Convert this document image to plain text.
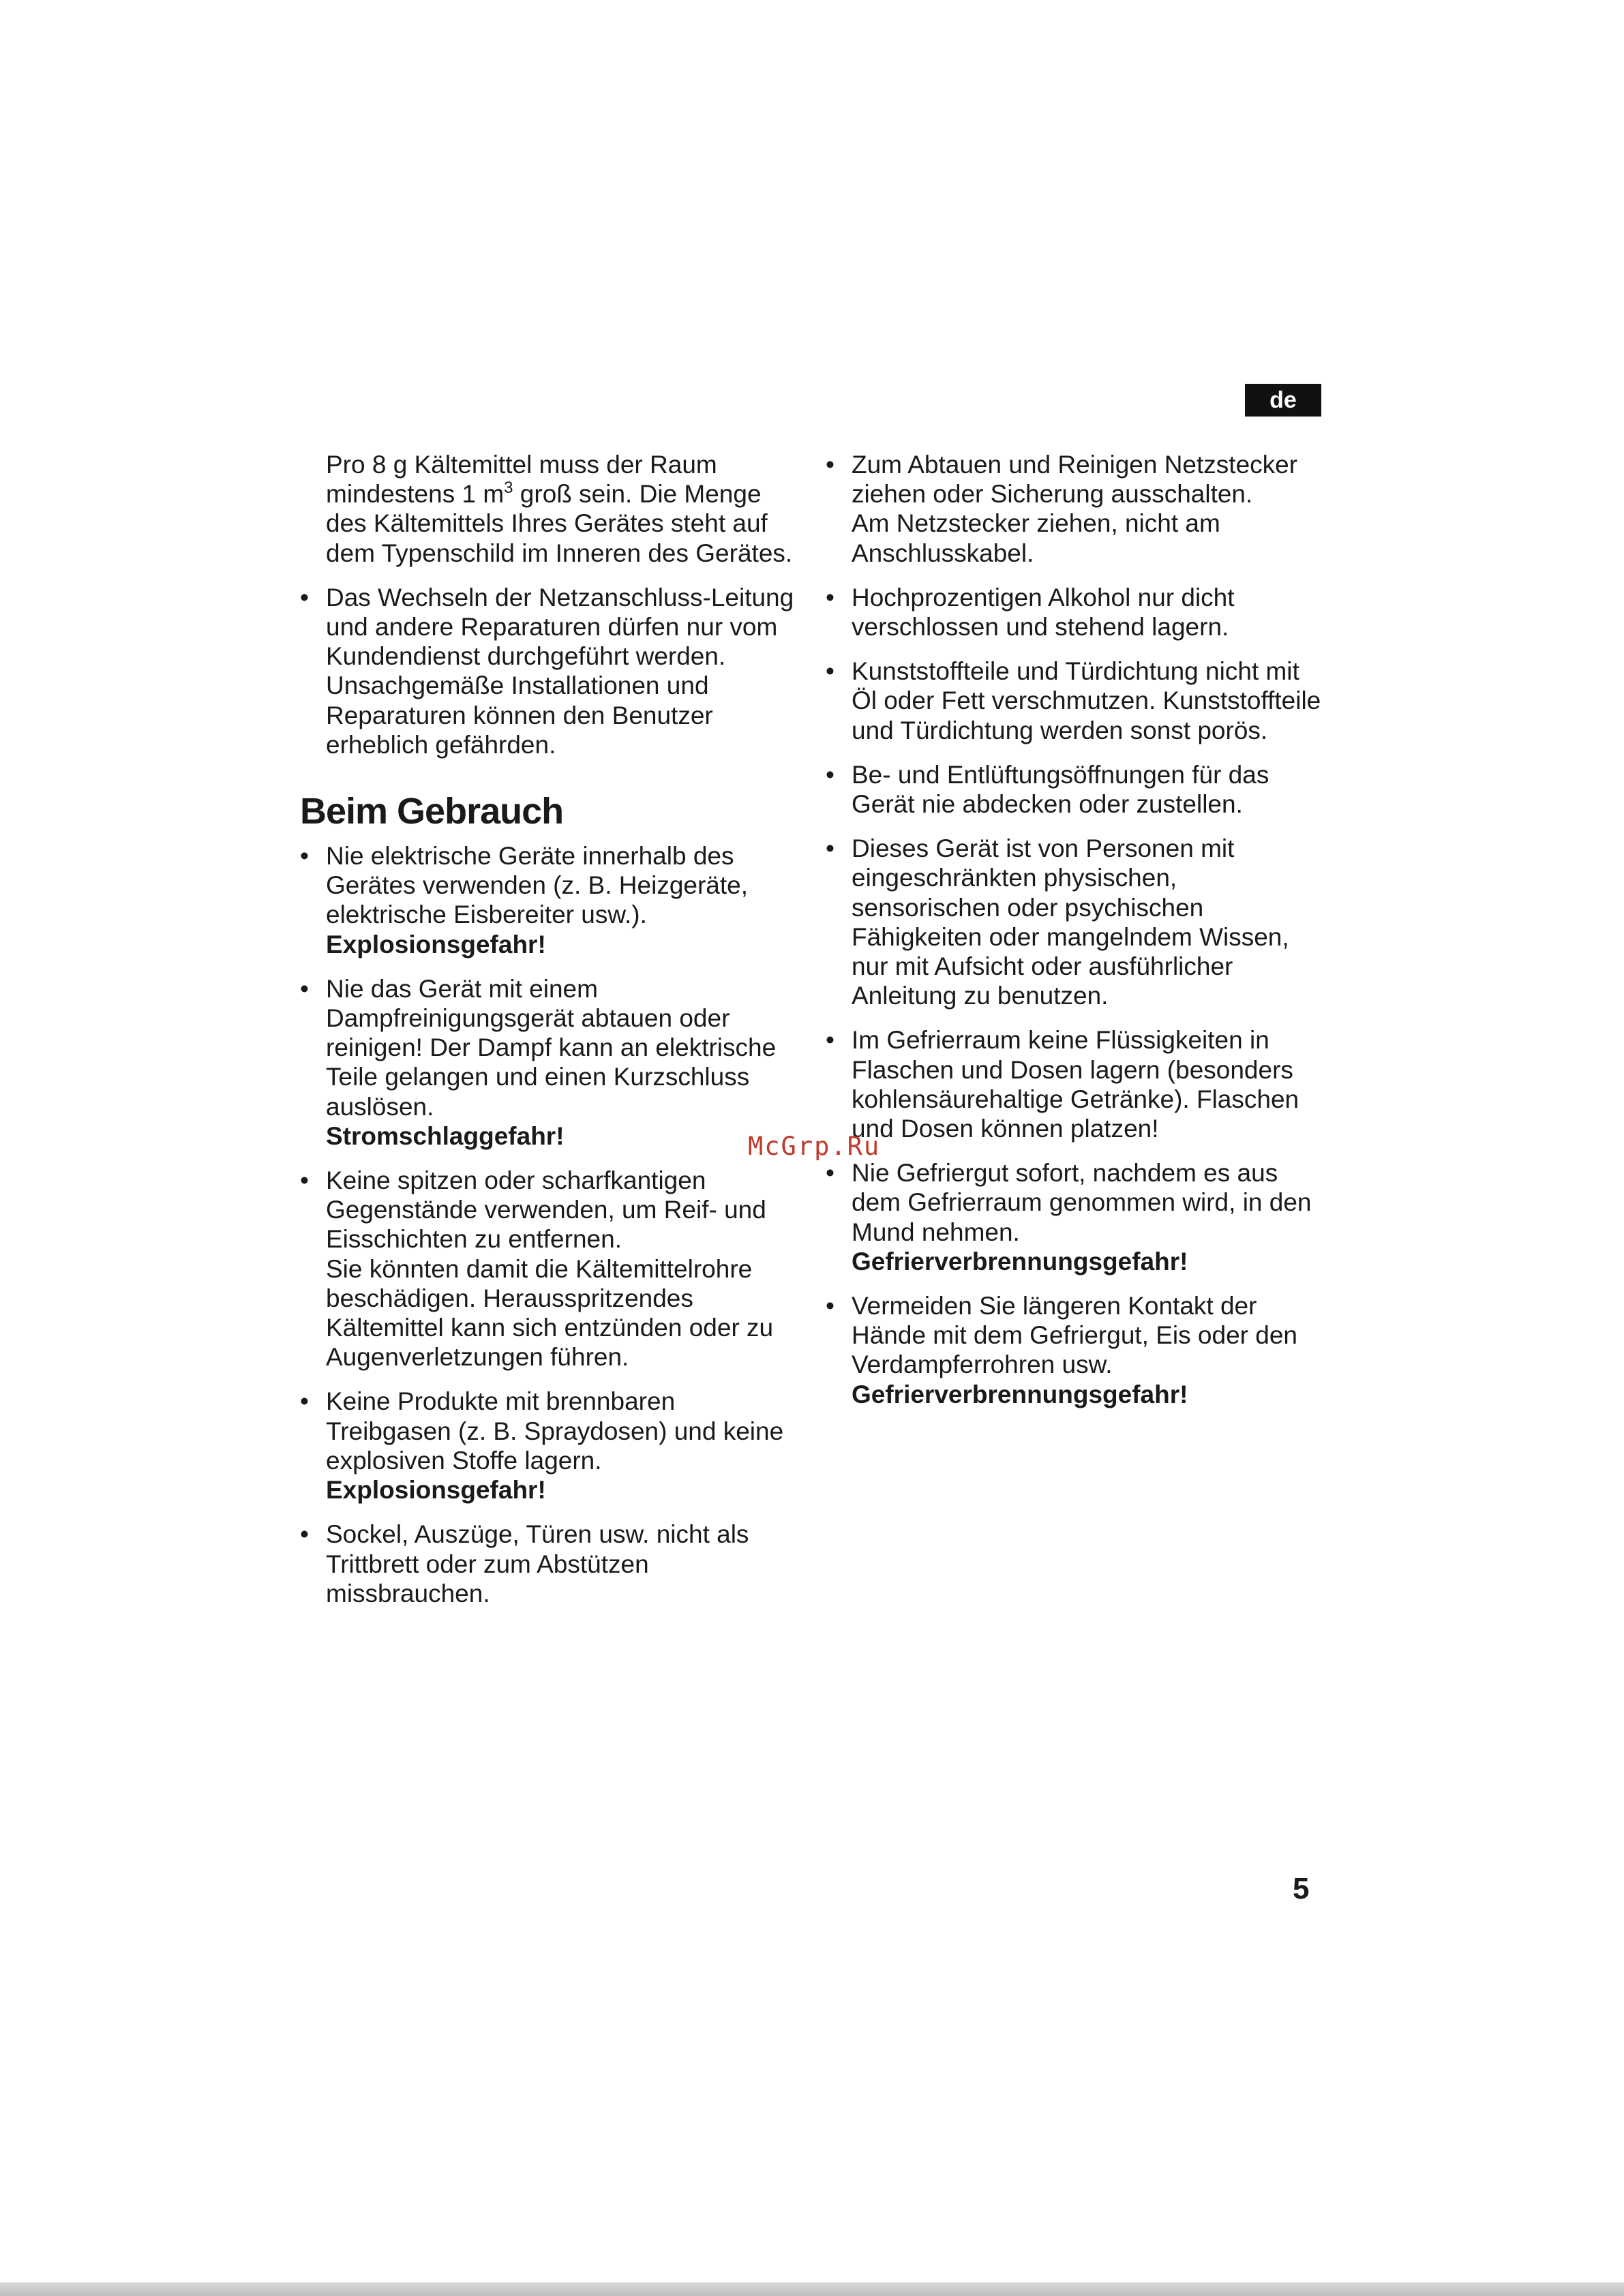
de

Pro 8 g Kältemittel muss der Raum mindestens 1 $m^3$ groß sein. Die Menge des Kältemittels Ihres Gerätes steht auf dem Typenschild im Inneren des Gerätes.

• Das Wechseln der Netzanschluss-Leitung und andere Reparaturen dürfen nur vom Kundendienst durchgeführt werden. Unsachgemäße Installationen und Reparaturen können den Benutzer erheblich gefährden.
Beim Gebrauch
• Nie elektrische Geräte innerhalb des Gerätes verwenden (z. B. Heizgeräte, elektrische Eisbereiter usw.).
Explosionsgefahr!
• Nie das Gerät mit einem Dampfreinigungsgerät abtauen oder reinigen! Der Dampf kann an elektrische Teile gelangen und einen Kurzschluss auslösen.
Stromschlaggefahr!
• Keine spitzen oder scharfkantigen Gegenstände verwenden, um Reif- und Eisschichten zu entfernen.
Sie könnten damit die Kältemittelrohre beschädigen. Herausspritzendes Kältemittel kann sich entzünden oder zu Augenverletzungen führen.
• Keine Produkte mit brennbaren Treibgasen (z. B. Spraydosen) und keine explosiven Stoffe lagern.
Explosionsgefahr!
• Sockel, Auszüge, Türen usw. nicht als Trittbrett oder zum Abstützen missbrauchen.
• Zum Abtauen und Reinigen Netzstecker ziehen oder Sicherung ausschalten.
Am Netzstecker ziehen, nicht am Anschlusskabel.
• Hochprozentigen Alkohol nur dicht verschlossen und stehend lagern.
• Kunststoffteile und Türdichtung nicht mit Öl oder Fett verschmutzen. Kunststoffteile und Türdichtung werden sonst porös.
• Be- und Entlüftungsöffnungen für das Gerät nie abdecken oder zustellen.
• Dieses Gerät ist von Personen mit eingeschränkten physischen, sensorischen oder psychischen Fähigkeiten oder mangelndem Wissen, nur mit Aufsicht oder ausführlicher Anleitung zu benutzen.
• Im Gefrierraum keine Flüssigkeiten in Flaschen und Dosen lagern (besonders kohlensäurehaltige Getränke). Flaschen und Dosen können platzen!
• Nie Gefriergut sofort, nachdem es aus dem Gefrierraum genommen wird, in den Mund nehmen.
Gefrierverbrennungsgefahr!
• Vermeiden Sie längeren Kontakt der Hände mit dem Gefriergut, Eis oder den Verdampferrohren usw.
Gefrierverbrennungsgefahr!
McGrp.Ru
5
